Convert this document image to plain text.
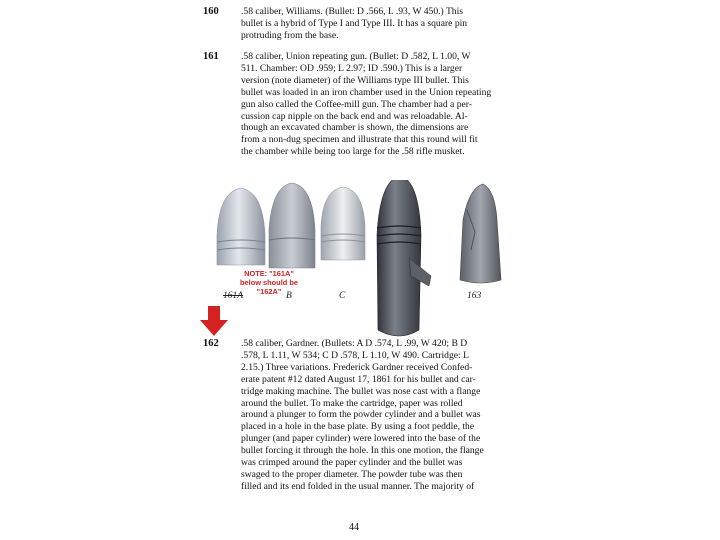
160 .58 caliber, Williams. (Bullet: D .566, L .93, W 450.) This
bullet is a hybrid of Type I and Type III. It has a square pin
protruding from the base.
161 .58 caliber, Union repeating gun. (Bullet: D .582, L 1.00, W
511. Chamber: OD .959; L 2.97; ID .590.) This is a larger
version (note diameter) of the Williams type III bullet. This
bullet was loaded in an iron chamber used in the Union repeating
gun also called the Coffee-mill gun. The chamber had a per-
cussion cap nipple on the back end and was reloadable. Al-
though an excavated chamber is shown, the dimensions are
from a non-dug specimen and illustrate that this round will fit
the chamber while being too large for the .58 rifle musket.
161A	B	C	163
NOTE: "161A"
below should be
"162A"
162 .58 caliber, Gardner. (Bullets: A D .574, L .99, W 420; B D
.578, L 1.11, W 534; C D .578, L 1.10, W 490. Cartridge: L
2.15.) Three variations. Frederick Gardner received Confed-
erate patent #12 dated August 17, 1861 for his bullet and car-
tridge making machine. The bullet was nose cast with a flange
around the bullet. To make the cartridge, paper was rolled
around a plunger to form the powder cylinder and a bullet was
placed in a hole in the base plate. By using a foot peddle, the
plunger (and paper cylinder) were lowered into the base of the
bullet forcing it through the hole. In this one motion, the flange
was crimped around the paper cylinder and the bullet was
swaged to the proper diameter. The powder tube was then
filled and its end folded in the usual manner. The majority of
44
